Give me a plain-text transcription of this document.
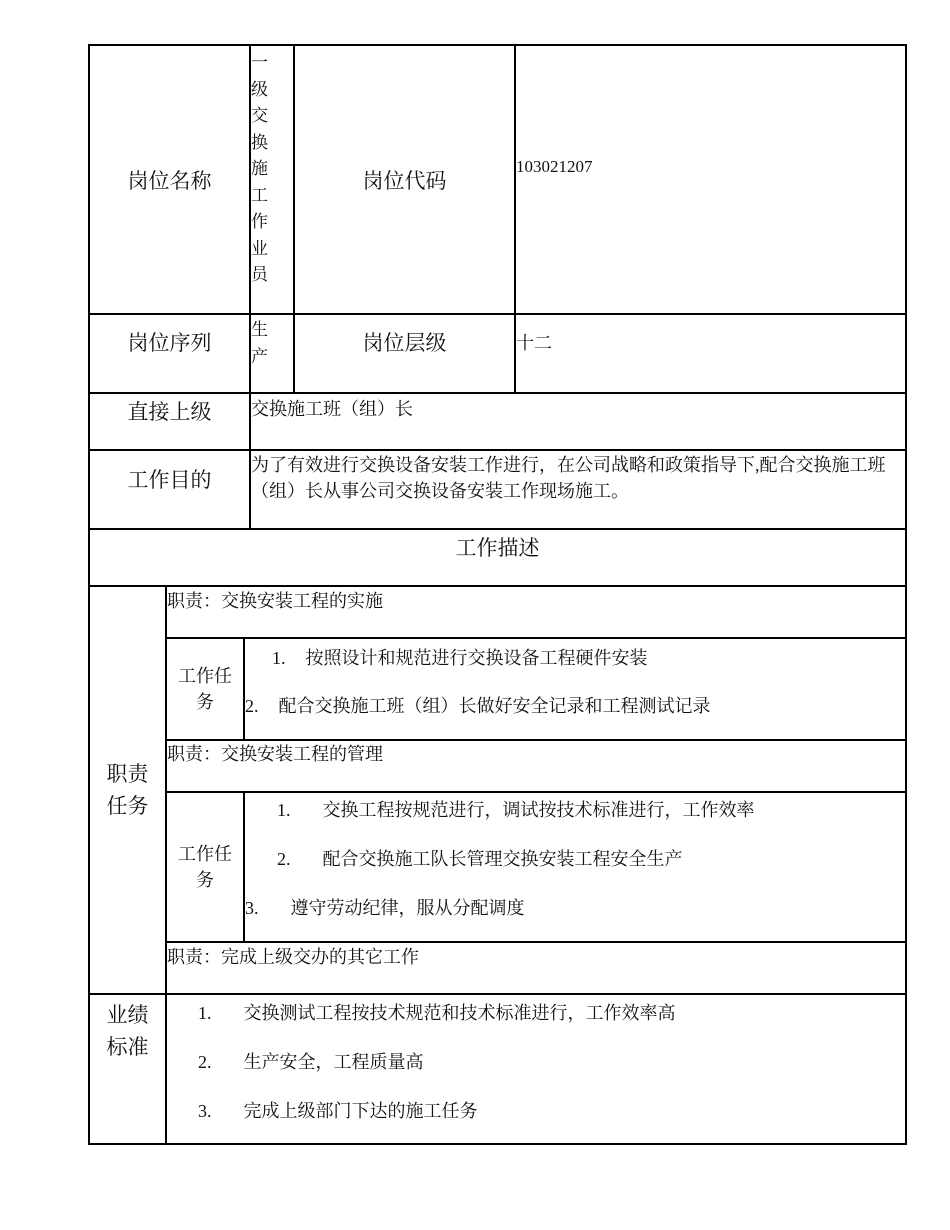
岗位名称
一级交换施工作业员
岗位代码
103021207
岗位序列
生产
岗位层级	十二
直接上级	交换施工班（组）长
工作目的
为了有效进行交换设备安装工作进行，在公司战略和政策指导下,配合交换施工班（组）长从事公司交换设备安装工作现场施工。
工作描述
职责任务
职责：交换安装工程的实施
工作任务
1. 按照设计和规范进行交换设备工程硬件安装
2. 配合交换施工班（组）长做好安全记录和工程测试记录
职责：交换安装工程的管理
工作任务
1. 交换工程按规范进行，调试按技术标准进行，工作效率
2. 配合交换施工队长管理交换安装工程安全生产
3. 遵守劳动纪律，服从分配调度
职责：完成上级交办的其它工作
业绩标准
1. 交换测试工程按技术规范和技术标准进行，工作效率高
2. 生产安全，工程质量高
3. 完成上级部门下达的施工任务
